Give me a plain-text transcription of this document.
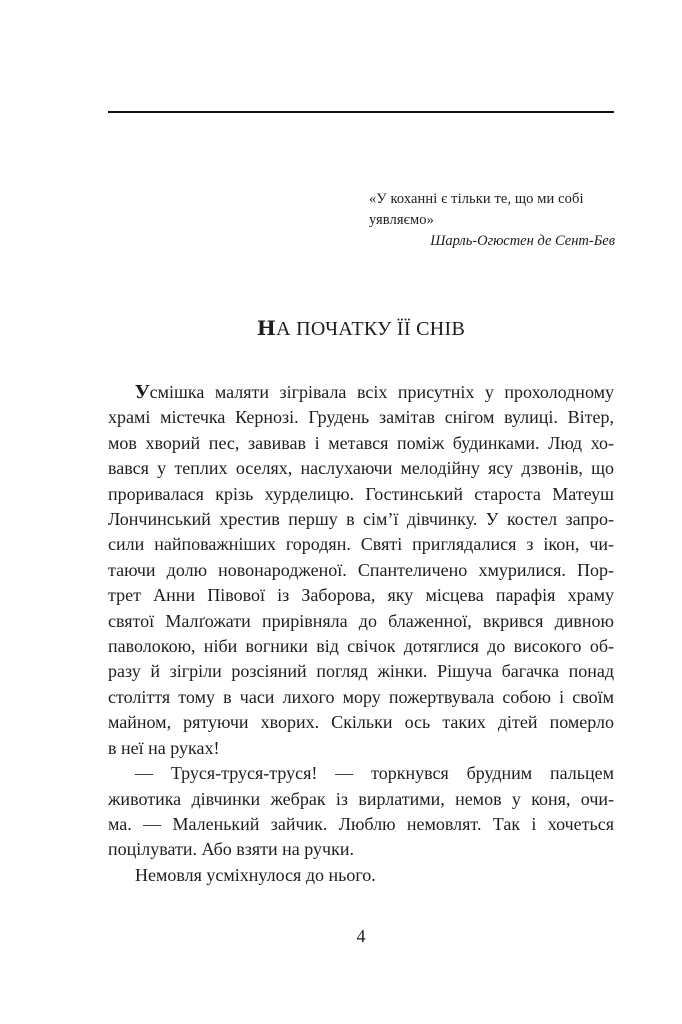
«У коханні є тільки те, що ми собі
уявляємо»
Шарль-Огюстен де Сент-Бев
НА ПОЧАТКУ ЇЇ СНІВ
Усмішка маляти зігрівала всіх присутніх у прохолодному
храмі містечка Кернозі. Грудень замітав снігом вулиці. Вітер,
мов хворий пес, завивав і метався поміж будинками. Люд хо-
вався у теплих оселях, наслухаючи мелодійну ясу дзвонів, що
проривалася крізь хурделицю. Гостинський староста Матеуш
Лончинський хрестив першу в сім’ї дівчинку. У костел запро-
сили найповажніших городян. Святі приглядалися з ікон, чи-
таючи долю новонародженої. Спантеличено хмурилися. Пор-
трет Анни Півової із Заборова, яку місцева парафія храму
святої Малґожати прирівняла до блаженної, вкрився дивною
паволокою, ніби вогники від свічок дотяглися до високого об-
разу й зігріли розсіяний погляд жінки. Рішуча багачка понад
століття тому в часи лихого мору пожертвувала собою і своїм
майном, рятуючи хворих. Скільки ось таких дітей померло
в неї на руках!
— Труся-труся-труся! — торкнувся брудним пальцем
животика дівчинки жебрак із вирлатими, немов у коня, очи-
ма. — Маленький зайчик. Люблю немовлят. Так і хочеться
поцілувати. Або взяти на ручки.
Немовля усміхнулося до нього.
4
